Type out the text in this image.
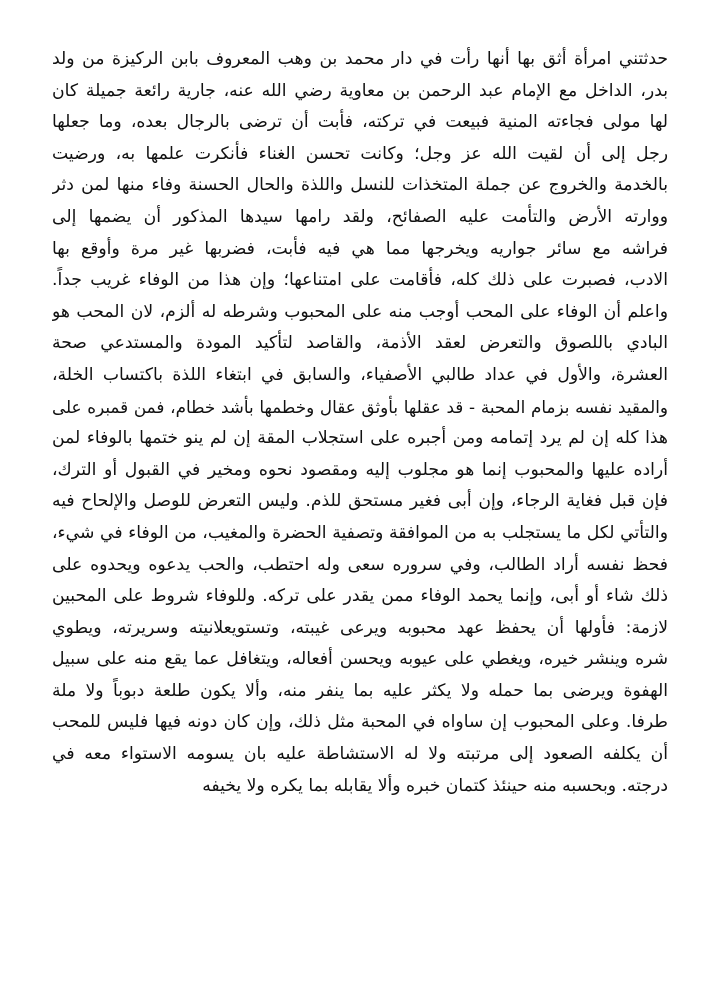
حدثتني امرأة أثق بها أنها رأت في دار محمد بن وهب المعروف بابن الركيزة من ولد
بدر، الداخل مع الإمام عبد الرحمن بن معاوية رضي الله عنه، جارية رائعة جميلة كان
لها مولى فجاءته المنية فبيعت في تركته، فأبت أن ترضى بالرجال بعده، وما جعلها
رجل إلى أن لقيت الله عز وجل؛ وكانت تحسن الغناء فأنكرت علمها به، ورضيت
بالخدمة والخروج عن جملة المتخذات للنسل واللذة والحال الحسنة وفاء منها لمن دثر
ووارته الأرض والتأمت عليه الصفائح، ولقد رامها سيدها المذكور أن يضمها إلى
فراشه مع سائر جواريه ويخرجها مما هي فيه فأبت، فضربها غير مرة وأوقع بها
الادب، فصبرت على ذلك كله، فأقامت على امتناعها؛ وإن هذا من الوفاء غريب جداً.
واعلم أن الوفاء على المحب أوجب منه على المحبوب وشرطه له ألزم، لان المحب هو
البادي باللصوق والتعرض لعقد الأذمة، والقاصد لتأكيد المودة والمستدعي صحة
العشرة، والأول في عداد طالبي الأصفياء، والسابق في ابتغاء اللذة باكتساب الخلة،
والمقيد نفسه بزمام المحبة - قد عقلها بأوثق عقال وخطمها بأشد خطام، فمن قمبره على
هذا كله إن لم يرد إتمامه ومن أجبره على استجلاب المقة إن لم ينو ختمها بالوفاء لمن
أراده عليها والمحبوب إنما هو مجلوب إليه ومقصود نحوه ومخير في القبول أو الترك،
فإن قبل فغاية الرجاء، وإن أبى فغير مستحق للذم. وليس التعرض للوصل والإلحاح فيه
والتأتي لكل ما يستجلب به من الموافقة وتصفية الحضرة والمغيب، من الوفاء في شيء،
فحظ نفسه أراد الطالب، وفي سروره سعى وله احتطب، والحب يدعوه ويحدوه على
ذلك شاء أو أبى، وإنما يحمد الوفاء ممن يقدر على تركه. وللوفاء شروط على المحبين
لازمة: فأولها أن يحفظ عهد محبوبه ويرعى غيبته، وتستويعلانيته وسريرته، ويطوي
شره وينشر خيره، ويغطي على عيوبه ويحسن أفعاله، ويتغافل عما يقع منه على سبيل
الهفوة ويرضى بما حمله ولا يكثر عليه بما ينفر منه، وألا يكون طلعة دبوباً ولا ملة
طرفا. وعلى المحبوب إن ساواه في المحبة مثل ذلك، وإن كان دونه فيها فليس للمحب
أن يكلفه الصعود إلى مرتبته ولا له الاستشاطة عليه بان يسومه الاستواء معه في
درجته. وبحسبه منه حينئذ كتمان خبره وألا يقابله بما يكره ولا يخيفه
